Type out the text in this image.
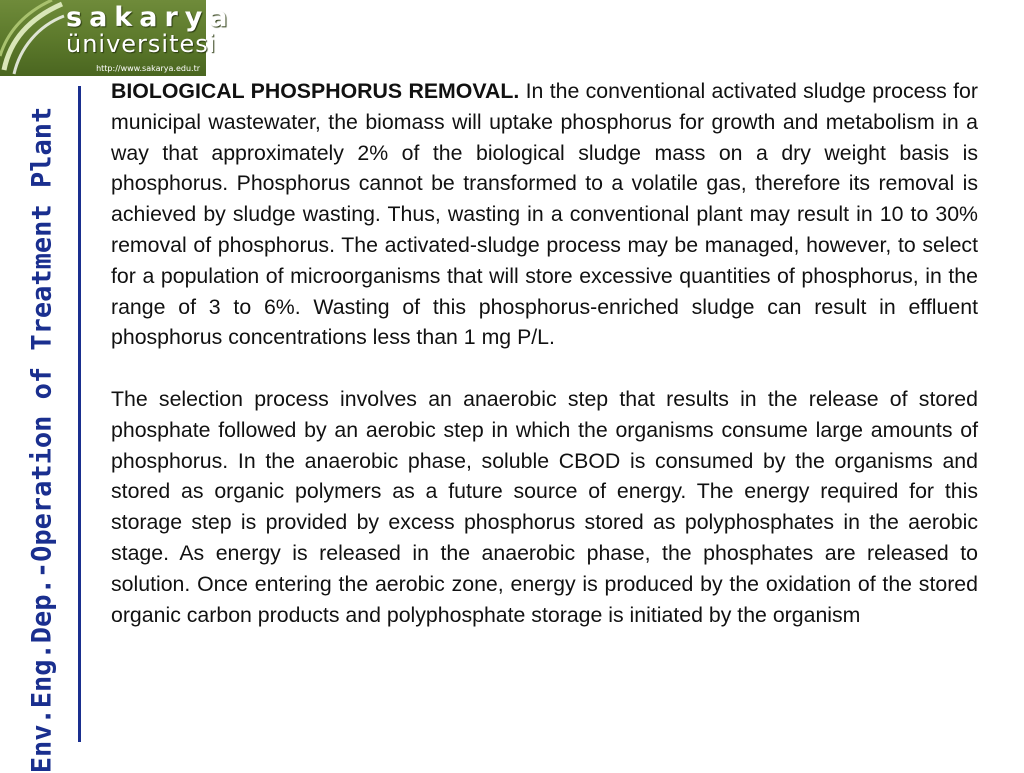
sakarya
üniversitesi
http://www.sakarya.edu.tr
Env.Eng.Dep.-Operation of Treatment Plant

BIOLOGICAL PHOSPHORUS REMOVAL. In the conventional activated sludge process for municipal wastewater, the biomass will uptake phosphorus for growth and metabolism in a way that approximately 2% of the biological sludge mass on a dry weight basis is phosphorus. Phosphorus cannot be transformed to a volatile gas, therefore its removal is achieved by sludge wasting. Thus, wasting in a conventional plant may result in 10 to 30% removal of phosphorus. The activated-sludge process may be managed, however, to select for a population of microorganisms that will store excessive quantities of phosphorus, in the range of 3 to 6%. Wasting of this phosphorus-enriched sludge can result in effluent phosphorus concentrations less than 1 mg P/L.

The selection process involves an anaerobic step that results in the release of stored phosphate followed by an aerobic step in which the organisms consume large amounts of phosphorus. In the anaerobic phase, soluble CBOD is consumed by the organisms and stored as organic polymers as a future source of energy. The energy required for this storage step is provided by excess phosphorus stored as polyphosphates in the aerobic stage. As energy is released in the anaerobic phase, the phosphates are released to solution. Once entering the aerobic zone, energy is produced by the oxidation of the stored organic carbon products and polyphosphate storage is initiated by the organism
